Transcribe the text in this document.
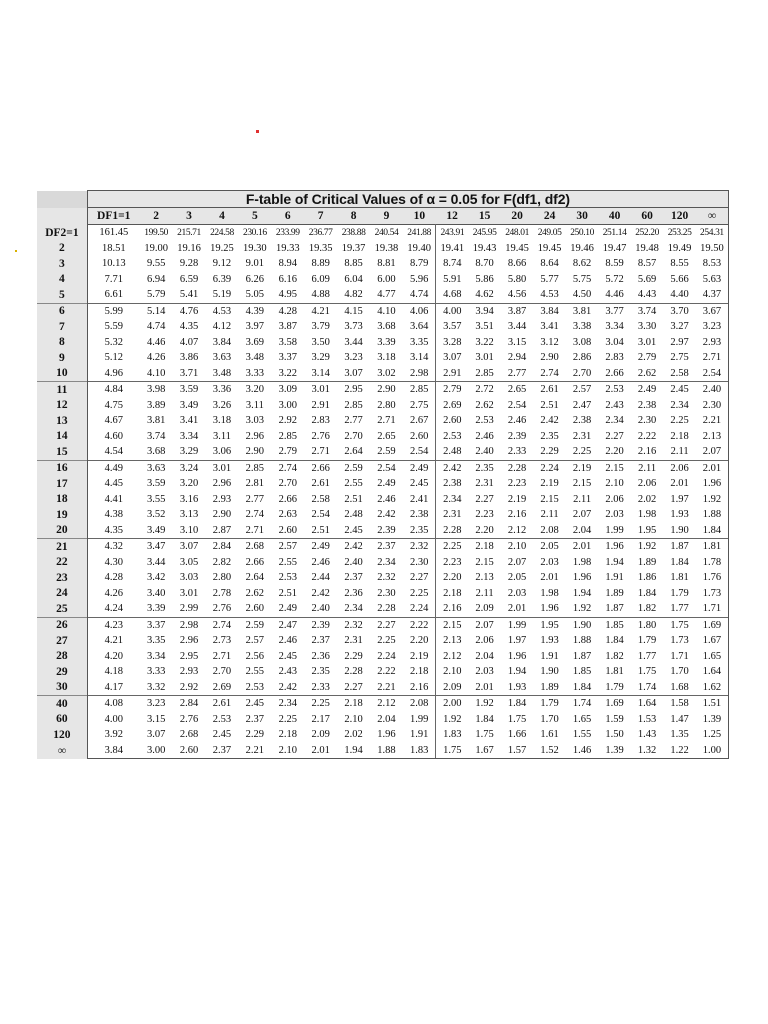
	F-table of Critical Values of α = 0.05 for F(df1, df2)																		
	DF1=1	2	3	4	5	6	7	8	9	10	12	15	20	24	30	40	60	120	∞
DF2=1	161.45	199.50	215.71	224.58	230.16	233.99	236.77	238.88	240.54	241.88	243.91	245.95	248.01	249.05	250.10	251.14	252.20	253.25	254.31
2	18.51	19.00	19.16	19.25	19.30	19.33	19.35	19.37	19.38	19.40	19.41	19.43	19.45	19.45	19.46	19.47	19.48	19.49	19.50
3	10.13	9.55	9.28	9.12	9.01	8.94	8.89	8.85	8.81	8.79	8.74	8.70	8.66	8.64	8.62	8.59	8.57	8.55	8.53
4	7.71	6.94	6.59	6.39	6.26	6.16	6.09	6.04	6.00	5.96	5.91	5.86	5.80	5.77	5.75	5.72	5.69	5.66	5.63
5	6.61	5.79	5.41	5.19	5.05	4.95	4.88	4.82	4.77	4.74	4.68	4.62	4.56	4.53	4.50	4.46	4.43	4.40	4.37
6	5.99	5.14	4.76	4.53	4.39	4.28	4.21	4.15	4.10	4.06	4.00	3.94	3.87	3.84	3.81	3.77	3.74	3.70	3.67
7	5.59	4.74	4.35	4.12	3.97	3.87	3.79	3.73	3.68	3.64	3.57	3.51	3.44	3.41	3.38	3.34	3.30	3.27	3.23
8	5.32	4.46	4.07	3.84	3.69	3.58	3.50	3.44	3.39	3.35	3.28	3.22	3.15	3.12	3.08	3.04	3.01	2.97	2.93
9	5.12	4.26	3.86	3.63	3.48	3.37	3.29	3.23	3.18	3.14	3.07	3.01	2.94	2.90	2.86	2.83	2.79	2.75	2.71
10	4.96	4.10	3.71	3.48	3.33	3.22	3.14	3.07	3.02	2.98	2.91	2.85	2.77	2.74	2.70	2.66	2.62	2.58	2.54
11	4.84	3.98	3.59	3.36	3.20	3.09	3.01	2.95	2.90	2.85	2.79	2.72	2.65	2.61	2.57	2.53	2.49	2.45	2.40
12	4.75	3.89	3.49	3.26	3.11	3.00	2.91	2.85	2.80	2.75	2.69	2.62	2.54	2.51	2.47	2.43	2.38	2.34	2.30
13	4.67	3.81	3.41	3.18	3.03	2.92	2.83	2.77	2.71	2.67	2.60	2.53	2.46	2.42	2.38	2.34	2.30	2.25	2.21
14	4.60	3.74	3.34	3.11	2.96	2.85	2.76	2.70	2.65	2.60	2.53	2.46	2.39	2.35	2.31	2.27	2.22	2.18	2.13
15	4.54	3.68	3.29	3.06	2.90	2.79	2.71	2.64	2.59	2.54	2.48	2.40	2.33	2.29	2.25	2.20	2.16	2.11	2.07
16	4.49	3.63	3.24	3.01	2.85	2.74	2.66	2.59	2.54	2.49	2.42	2.35	2.28	2.24	2.19	2.15	2.11	2.06	2.01
17	4.45	3.59	3.20	2.96	2.81	2.70	2.61	2.55	2.49	2.45	2.38	2.31	2.23	2.19	2.15	2.10	2.06	2.01	1.96
18	4.41	3.55	3.16	2.93	2.77	2.66	2.58	2.51	2.46	2.41	2.34	2.27	2.19	2.15	2.11	2.06	2.02	1.97	1.92
19	4.38	3.52	3.13	2.90	2.74	2.63	2.54	2.48	2.42	2.38	2.31	2.23	2.16	2.11	2.07	2.03	1.98	1.93	1.88
20	4.35	3.49	3.10	2.87	2.71	2.60	2.51	2.45	2.39	2.35	2.28	2.20	2.12	2.08	2.04	1.99	1.95	1.90	1.84
21	4.32	3.47	3.07	2.84	2.68	2.57	2.49	2.42	2.37	2.32	2.25	2.18	2.10	2.05	2.01	1.96	1.92	1.87	1.81
22	4.30	3.44	3.05	2.82	2.66	2.55	2.46	2.40	2.34	2.30	2.23	2.15	2.07	2.03	1.98	1.94	1.89	1.84	1.78
23	4.28	3.42	3.03	2.80	2.64	2.53	2.44	2.37	2.32	2.27	2.20	2.13	2.05	2.01	1.96	1.91	1.86	1.81	1.76
24	4.26	3.40	3.01	2.78	2.62	2.51	2.42	2.36	2.30	2.25	2.18	2.11	2.03	1.98	1.94	1.89	1.84	1.79	1.73
25	4.24	3.39	2.99	2.76	2.60	2.49	2.40	2.34	2.28	2.24	2.16	2.09	2.01	1.96	1.92	1.87	1.82	1.77	1.71
26	4.23	3.37	2.98	2.74	2.59	2.47	2.39	2.32	2.27	2.22	2.15	2.07	1.99	1.95	1.90	1.85	1.80	1.75	1.69
27	4.21	3.35	2.96	2.73	2.57	2.46	2.37	2.31	2.25	2.20	2.13	2.06	1.97	1.93	1.88	1.84	1.79	1.73	1.67
28	4.20	3.34	2.95	2.71	2.56	2.45	2.36	2.29	2.24	2.19	2.12	2.04	1.96	1.91	1.87	1.82	1.77	1.71	1.65
29	4.18	3.33	2.93	2.70	2.55	2.43	2.35	2.28	2.22	2.18	2.10	2.03	1.94	1.90	1.85	1.81	1.75	1.70	1.64
30	4.17	3.32	2.92	2.69	2.53	2.42	2.33	2.27	2.21	2.16	2.09	2.01	1.93	1.89	1.84	1.79	1.74	1.68	1.62
40	4.08	3.23	2.84	2.61	2.45	2.34	2.25	2.18	2.12	2.08	2.00	1.92	1.84	1.79	1.74	1.69	1.64	1.58	1.51
60	4.00	3.15	2.76	2.53	2.37	2.25	2.17	2.10	2.04	1.99	1.92	1.84	1.75	1.70	1.65	1.59	1.53	1.47	1.39
120	3.92	3.07	2.68	2.45	2.29	2.18	2.09	2.02	1.96	1.91	1.83	1.75	1.66	1.61	1.55	1.50	1.43	1.35	1.25
∞	3.84	3.00	2.60	2.37	2.21	2.10	2.01	1.94	1.88	1.83	1.75	1.67	1.57	1.52	1.46	1.39	1.32	1.22	1.00
